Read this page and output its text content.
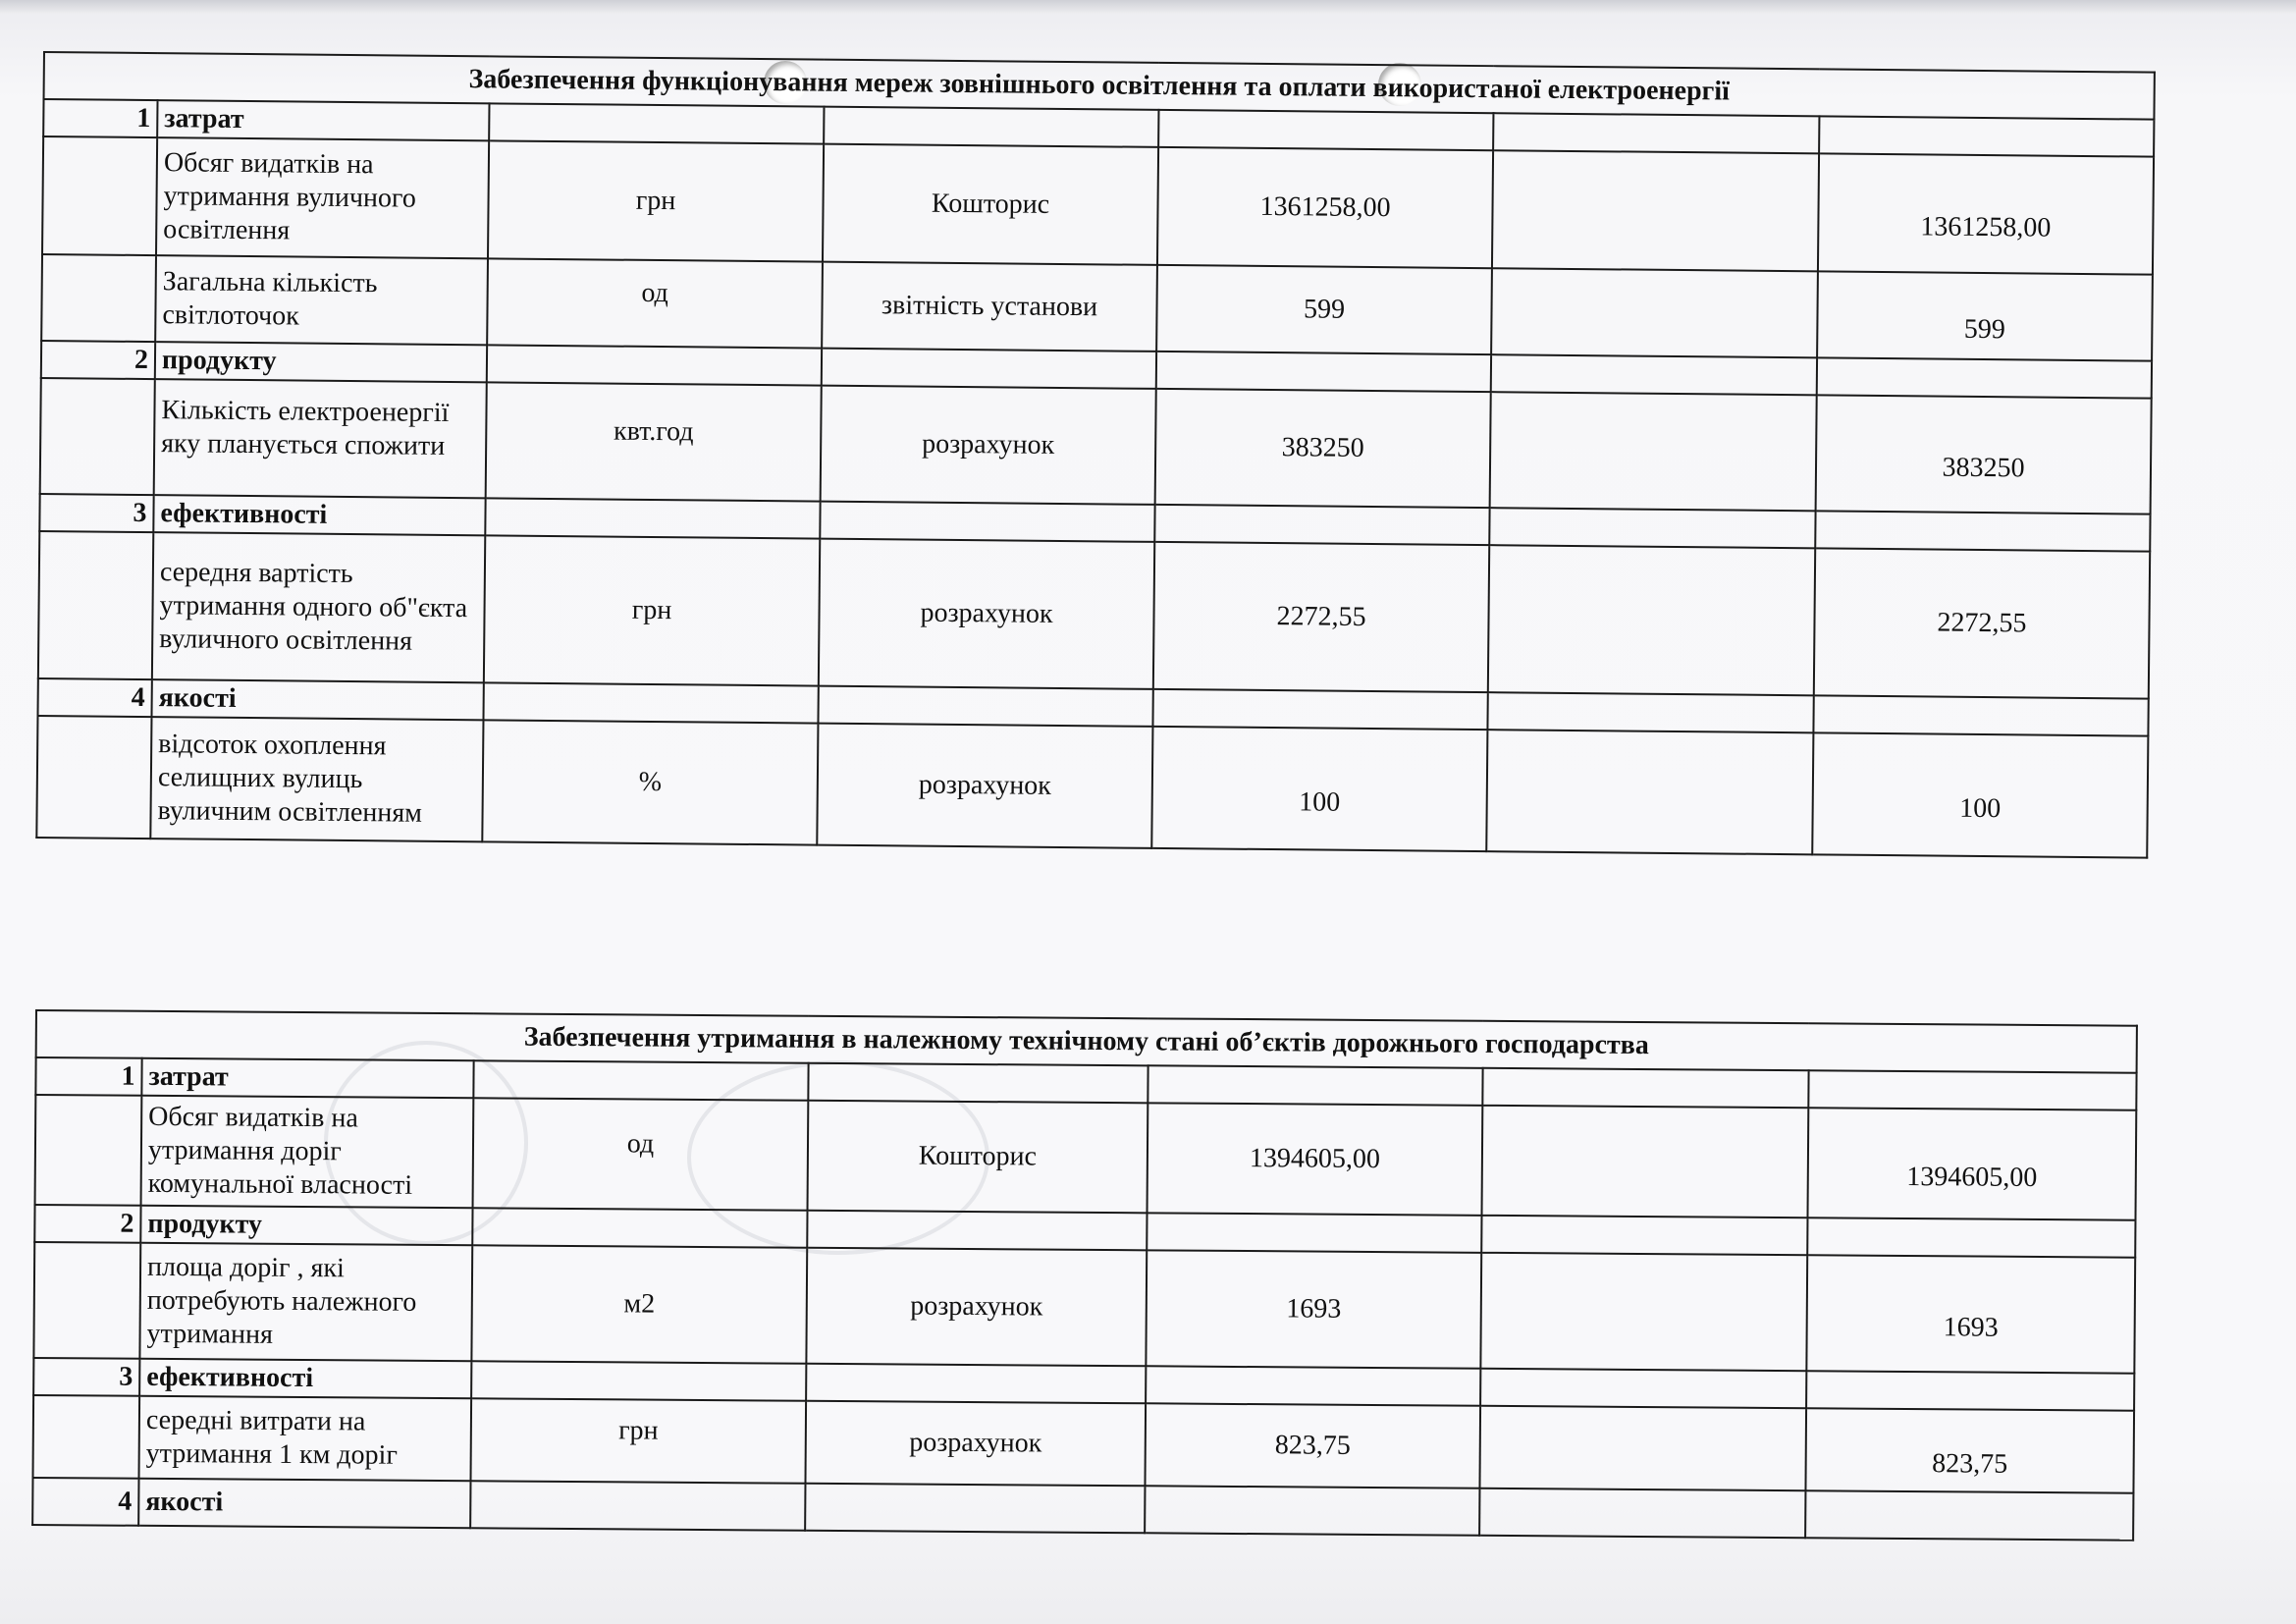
Забезпечення функціонування мереж зовнішнього освітлення та оплати використаної електроенергії						
1	затрат					
	Обсяг видатків на утримання вуличного освітлення	грн	Кошторис	1361258,00		1361258,00
	Загальна кількість світлоточок	од	звітність установи	599		599
2	продукту					
	Кількість електроенергії яку планується спожити	квт.год	розрахунок	383250		383250
3	ефективності					
	середня вартість утримання одного об"єкта вуличного освітлення	грн	розрахунок	2272,55		2272,55
4	якості					
	відсоток охоплення селищних вулиць вуличним освітленням	%	розрахунок	100		100
Забезпечення утримання в належному технічному стані об’єктів дорожнього господарства						
1	затрат					
	Обсяг видатків на утримання доріг комунальної власності	од	Кошторис	1394605,00		1394605,00
2	продукту					
	площа доріг , які потребують належного утримання	м2	розрахунок	1693		1693
3	ефективності					
	середні витрати на утримання 1 км доріг	грн	розрахунок	823,75		823,75
4	якості					
